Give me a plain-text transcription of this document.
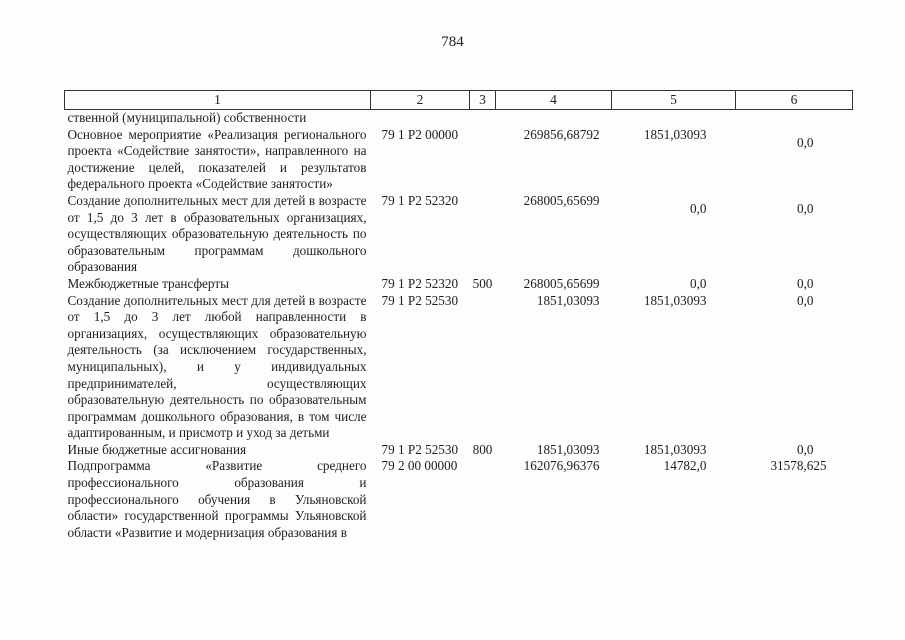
784
1	2	3	4	5	6
ственной (муниципальной) собственности					
Основное мероприятие «Реализация регионального проекта «Содействие занятости», направленного на достижение целей, показателей и результатов федерального проекта «Содействие занятости»	79 1 P2 00000		269856,68792	1851,03093	0,0
Создание дополнительных мест для детей в возрасте от 1,5 до 3 лет в образовательных организациях, осуществляющих образовательную деятельность по образовательным программам дошкольного образования	79 1 P2 52320		268005,65699	0,0	0,0
Межбюджетные трансферты	79 1 P2 52320	500	268005,65699	0,0	0,0
Создание дополнительных мест для детей в возрасте от 1,5 до 3 лет любой направленности в организациях, осуществляющих образовательную деятельность (за исключением государственных, муниципальных), и у индивидуальных предпринимателей, осуществляющих образовательную деятельность по образовательным программам дошкольного образования, в том числе адаптированным, и присмотр и уход за детьми	79 1 P2 52530		1851,03093	1851,03093	0,0
Иные бюджетные ассигнования	79 1 P2 52530	800	1851,03093	1851,03093	0,0
Подпрограмма «Развитие среднего профессионального образования и профессионального обучения в Ульяновской области» государственной программы Ульяновской области «Развитие и модернизация образования в	79 2 00 00000		162076,96376	14782,0	31578,625
